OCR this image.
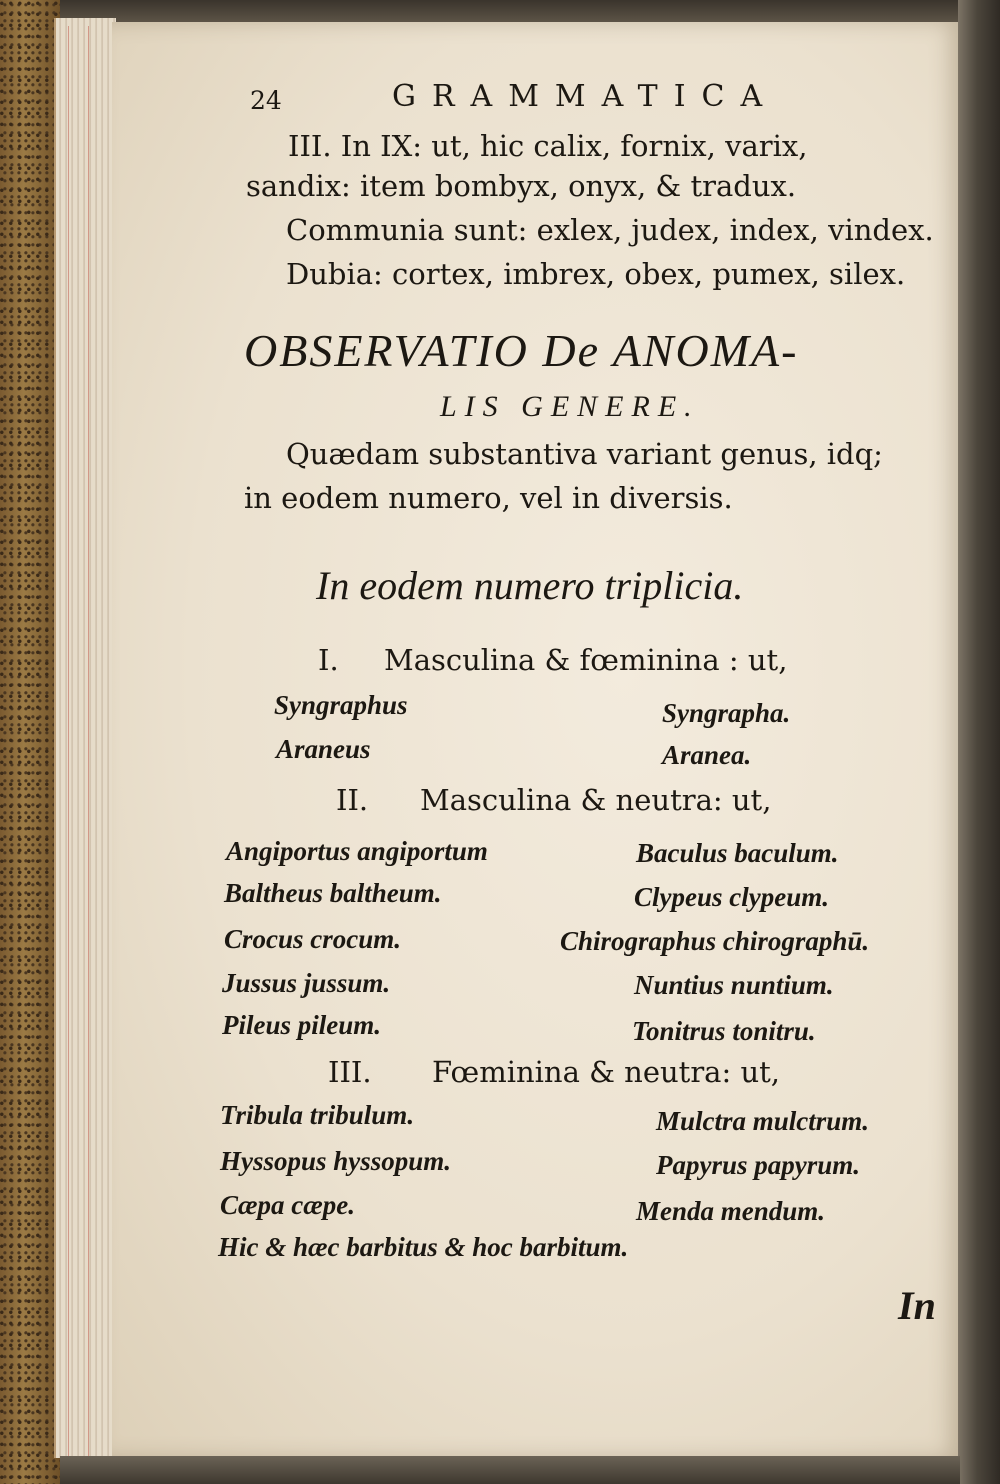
24	GRAMMATICA
III. In IX: ut, hic calix, fornix, varix,
sandix: item bombyx, onyx, & tradux.
Communia sunt: exlex, judex, index, vindex.
Dubia: cortex, imbrex, obex, pumex, silex.
OBSERVATIO De ANOMA-
LIS GENERE.
Quædam substantiva variant genus, idq;
in eodem numero, vel in diversis.
In eodem numero triplicia.
I. Masculina & fœminina : ut,
Syngraphus	Syngrapha.
Araneus	Aranea.
II. Masculina & neutra: ut,
Angiportus angiportum	Baculus baculum.
Baltheus baltheum.	Clypeus clypeum.
Crocus crocum.	Chirographus chirographū.
Jussus jussum.	Nuntius nuntium.
Pileus pileum.	Tonitrus tonitru.
III. Fœminina & neutra: ut,
Tribula tribulum.	Mulctra mulctrum.
Hyssopus hyssopum.	Papyrus papyrum.
Cæpa cæpe.	Menda mendum.
Hic & hæc barbitus & hoc barbitum.
In
